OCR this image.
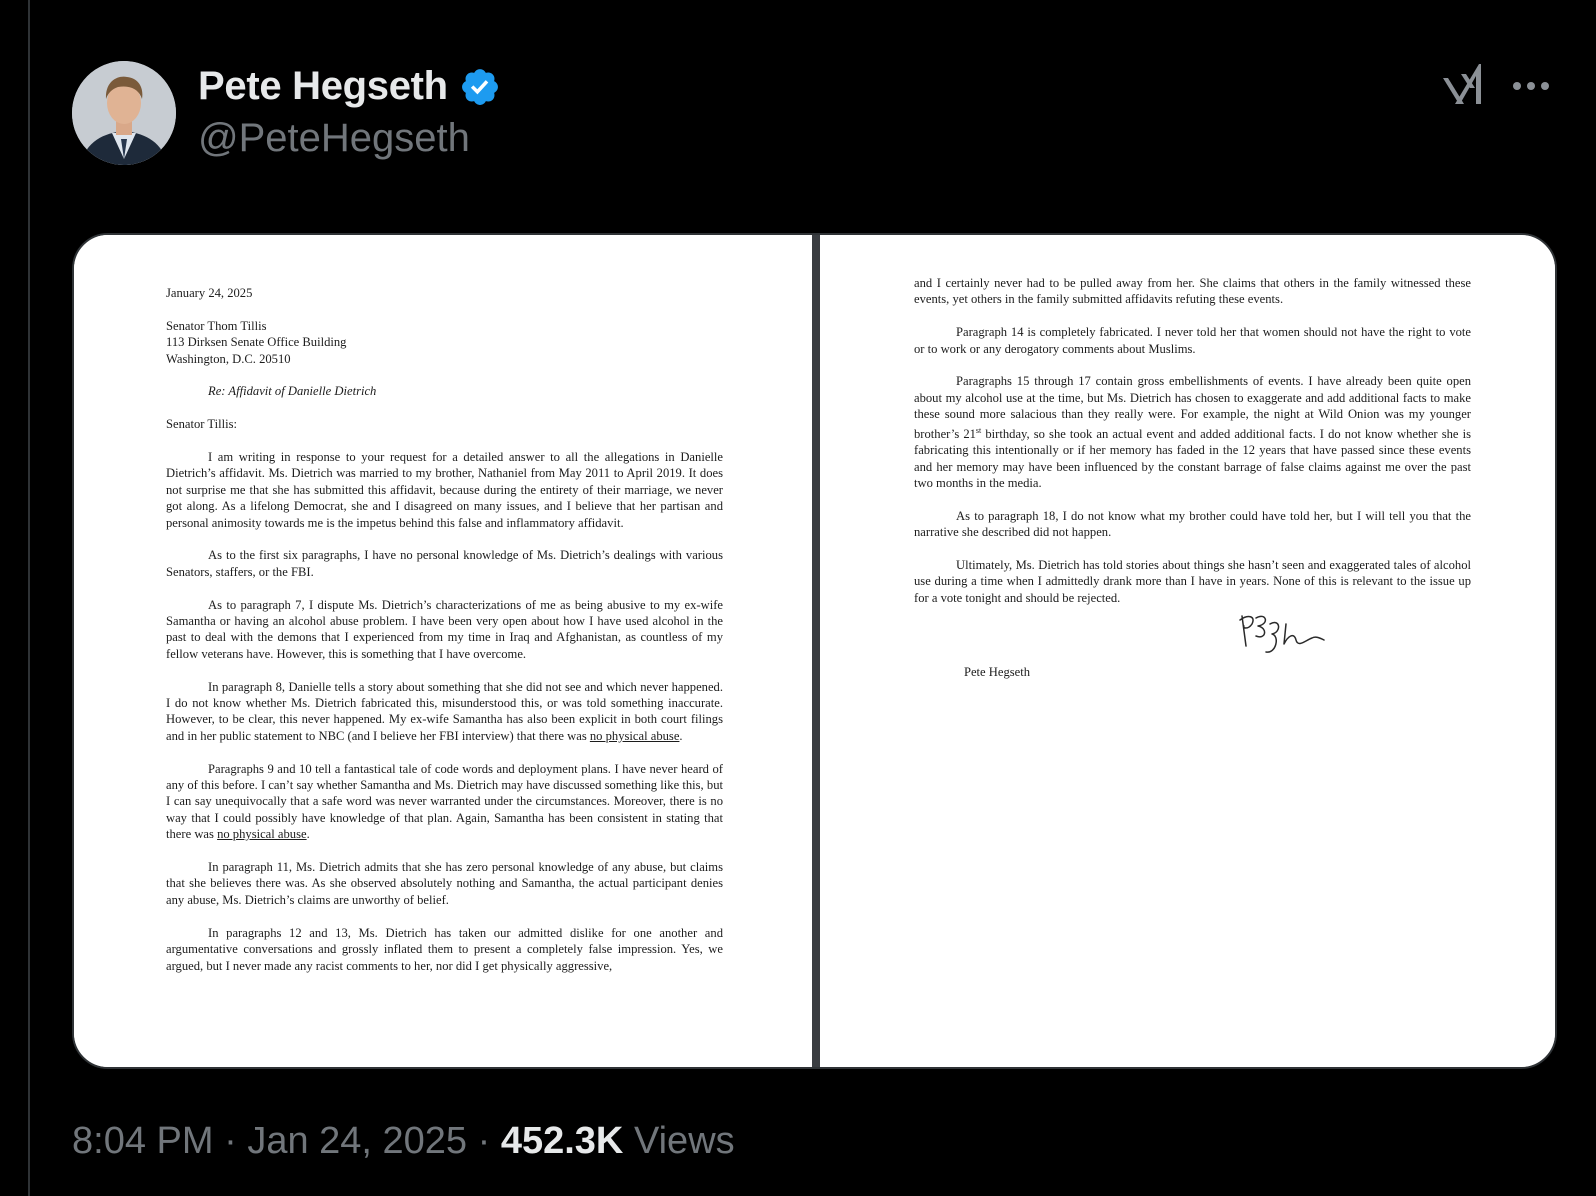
Pete Hegseth
@PeteHegseth

January 24, 2025

Senator Thom Tillis

113 Dirksen Senate Office Building

Washington, D.C. 20510

Re: Affidavit of Danielle Dietrich

Senator Tillis:

I am writing in response to your request for a detailed answer to all the allegations in Danielle Dietrich’s affidavit. Ms. Dietrich was married to my brother, Nathaniel from May 2011 to April 2019. It does not surprise me that she has submitted this affidavit, because during the entirety of their marriage, we never got along. As a lifelong Democrat, she and I disagreed on many issues, and I believe that her partisan and personal animosity towards me is the impetus behind this false and inflammatory affidavit.

As to the first six paragraphs, I have no personal knowledge of Ms. Dietrich’s dealings with various Senators, staffers, or the FBI.

As to paragraph 7, I dispute Ms. Dietrich’s characterizations of me as being abusive to my ex-wife Samantha or having an alcohol abuse problem. I have been very open about how I have used alcohol in the past to deal with the demons that I experienced from my time in Iraq and Afghanistan, as countless of my fellow veterans have. However, this is something that I have overcome.

In paragraph 8, Danielle tells a story about something that she did not see and which never happened. I do not know whether Ms. Dietrich fabricated this, misunderstood this, or was told something inaccurate. However, to be clear, this never happened. My ex-wife Samantha has also been explicit in both court filings and in her public statement to NBC (and I believe her FBI interview) that there was no physical abuse.

Paragraphs 9 and 10 tell a fantastical tale of code words and deployment plans. I have never heard of any of this before. I can’t say whether Samantha and Ms. Dietrich may have discussed something like this, but I can say unequivocally that a safe word was never warranted under the circumstances. Moreover, there is no way that I could possibly have knowledge of that plan. Again, Samantha has been consistent in stating that there was no physical abuse.

In paragraph 11, Ms. Dietrich admits that she has zero personal knowledge of any abuse, but claims that she believes there was. As she observed absolutely nothing and Samantha, the actual participant denies any abuse, Ms. Dietrich’s claims are unworthy of belief.

In paragraphs 12 and 13, Ms. Dietrich has taken our admitted dislike for one another and argumentative conversations and grossly inflated them to present a completely false impression. Yes, we argued, but I never made any racist comments to her, nor did I get physically aggressive,

and I certainly never had to be pulled away from her. She claims that others in the family witnessed these events, yet others in the family submitted affidavits refuting these events.

Paragraph 14 is completely fabricated. I never told her that women should not have the right to vote or to work or any derogatory comments about Muslims.

Paragraphs 15 through 17 contain gross embellishments of events. I have already been quite open about my alcohol use at the time, but Ms. Dietrich has chosen to exaggerate and add additional facts to make these sound more salacious than they really were. For example, the night at Wild Onion was my younger brother’s 21st birthday, so she took an actual event and added additional facts. I do not know whether she is fabricating this intentionally or if her memory has faded in the 12 years that have passed since these events and her memory may have been influenced by the constant barrage of false claims against me over the past two months in the media.

As to paragraph 18, I do not know what my brother could have told her, but I will tell you that the narrative she described did not happen.

Ultimately, Ms. Dietrich has told stories about things she hasn’t seen and exaggerated tales of alcohol use during a time when I admittedly drank more than I have in years. None of this is relevant to the issue up for a vote tonight and should be rejected.

Pete Hegseth

8:04 PM · Jan 24, 2025 · 452.3K Views
